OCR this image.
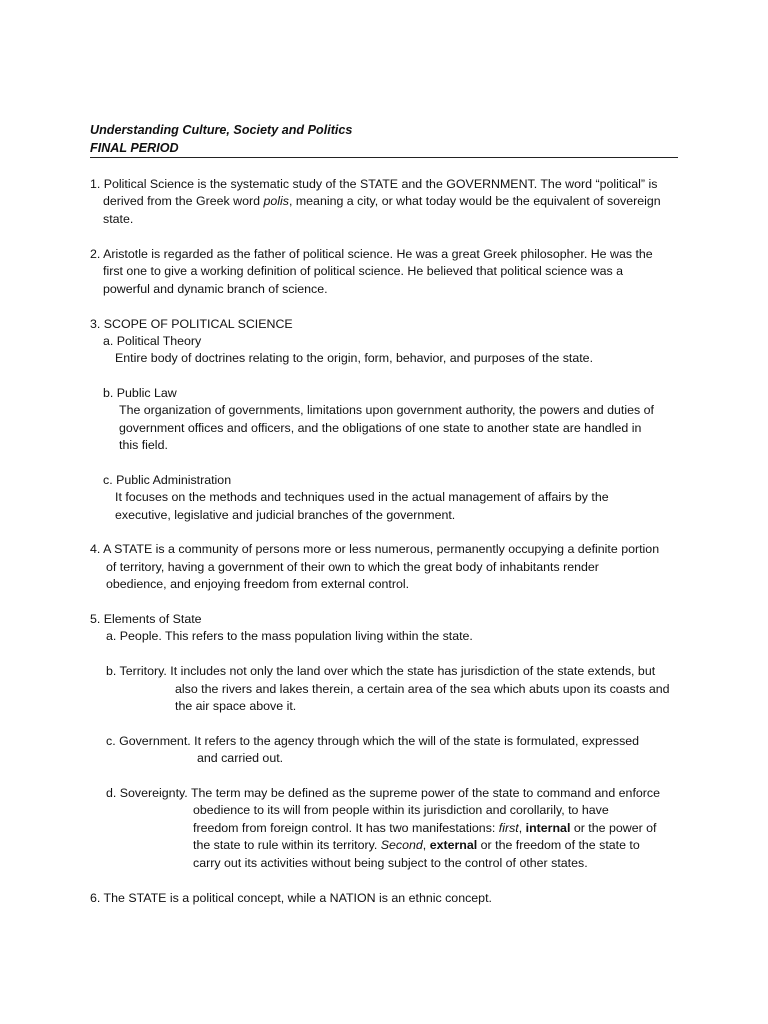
Understanding Culture, Society and Politics

FINAL PERIOD

1. Political Science is the systematic study of the STATE and the GOVERNMENT. The word “political” is

derived from the Greek word polis, meaning a city, or what today would be the equivalent of sovereign

state.

2. Aristotle is regarded as the father of political science. He was a great Greek philosopher. He was the

first one to give a working definition of political science. He believed that political science was a

powerful and dynamic branch of science.

3. SCOPE OF POLITICAL SCIENCE

a. Political Theory

Entire body of doctrines relating to the origin, form, behavior, and purposes of the state.

b. Public Law

The organization of governments, limitations upon government authority, the powers and duties of

government offices and officers, and the obligations of one state to another state are handled in

this field.

c. Public Administration

It focuses on the methods and techniques used in the actual management of affairs by the

executive, legislative and judicial branches of the government.

4. A STATE is a community of persons more or less numerous, permanently occupying a definite portion

of territory, having a government of their own to which the great body of inhabitants render

obedience, and enjoying freedom from external control.

5. Elements of State

a. People. This refers to the mass population living within the state.

b. Territory. It includes not only the land over which the state has jurisdiction of the state extends, but

also the rivers and lakes therein, a certain area of the sea which abuts upon its coasts and

the air space above it.

c. Government. It refers to the agency through which the will of the state is formulated, expressed

and carried out.

d. Sovereignty. The term may be defined as the supreme power of the state to command and enforce

obedience to its will from people within its jurisdiction and corollarily, to have

freedom from foreign control. It has two manifestations: first, internal or the power of

the state to rule within its territory. Second, external or the freedom of the state to

carry out its activities without being subject to the control of other states.

6. The STATE is a political concept, while a NATION is an ethnic concept.
